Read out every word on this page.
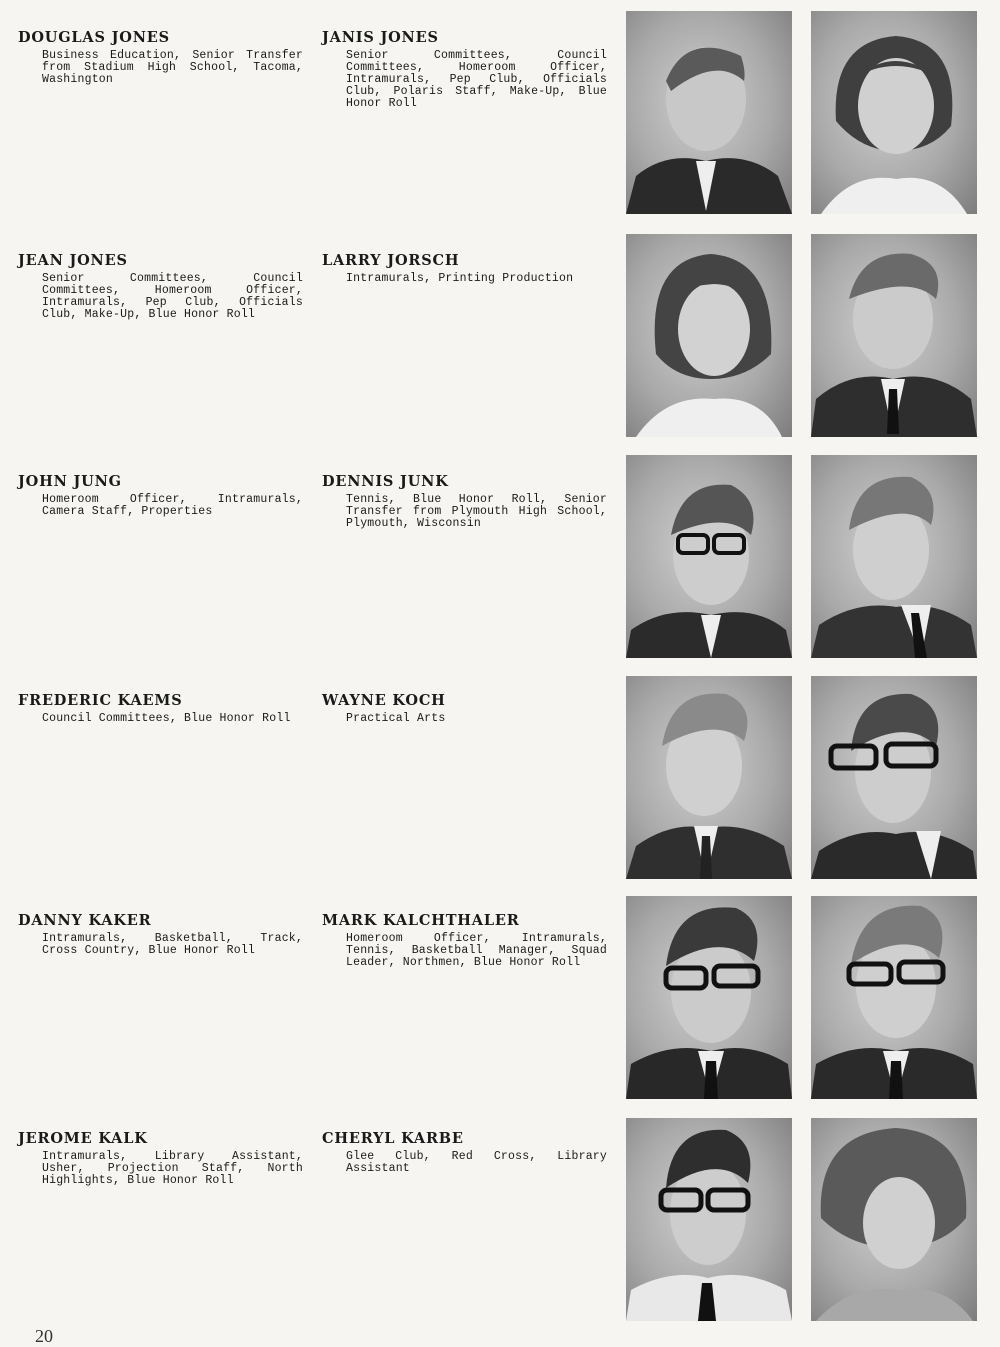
DOUGLAS JONES
Business Education, Senior Transfer from Stadium High School, Tacoma, Washington
JANIS JONES
Senior Committees, Council Committees, Homeroom Officer, Intramurals, Pep Club, Officials Club, Polaris Staff, Make-Up, Blue Honor Roll
JEAN JONES
Senior Committees, Council Committees, Homeroom Officer, Intramurals, Pep Club, Officials Club, Make-Up, Blue Honor Roll
LARRY JORSCH
Intramurals, Printing Production
JOHN JUNG
Homeroom Officer, Intramurals, Camera Staff, Properties
DENNIS JUNK
Tennis, Blue Honor Roll, Senior Transfer from Plymouth High School, Plymouth, Wisconsin
FREDERIC KAEMS
Council Committees, Blue Honor Roll
WAYNE KOCH
Practical Arts
DANNY KAKER
Intramurals, Basketball, Track, Cross Country, Blue Honor Roll
MARK KALCHTHALER
Homeroom Officer, Intramurals, Tennis, Basketball Manager, Squad Leader, Northmen, Blue Honor Roll
JEROME KALK
Intramurals, Library Assistant, Usher, Projection Staff, North Highlights, Blue Honor Roll
CHERYL KARBE
Glee Club, Red Cross, Library Assistant
20
